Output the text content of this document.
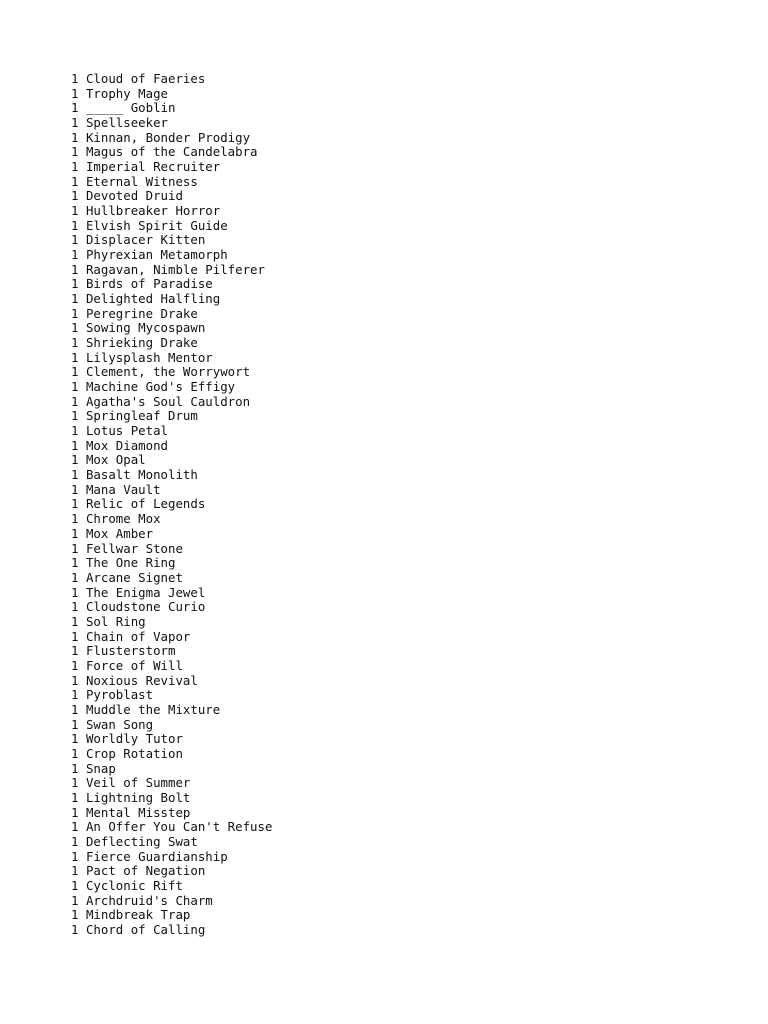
1 Cloud of Faeries
1 Trophy Mage
1 _____ Goblin
1 Spellseeker
1 Kinnan, Bonder Prodigy
1 Magus of the Candelabra
1 Imperial Recruiter
1 Eternal Witness
1 Devoted Druid
1 Hullbreaker Horror
1 Elvish Spirit Guide
1 Displacer Kitten
1 Phyrexian Metamorph
1 Ragavan, Nimble Pilferer
1 Birds of Paradise
1 Delighted Halfling
1 Peregrine Drake
1 Sowing Mycospawn
1 Shrieking Drake
1 Lilysplash Mentor
1 Clement, the Worrywort
1 Machine God's Effigy
1 Agatha's Soul Cauldron
1 Springleaf Drum
1 Lotus Petal
1 Mox Diamond
1 Mox Opal
1 Basalt Monolith
1 Mana Vault
1 Relic of Legends
1 Chrome Mox
1 Mox Amber
1 Fellwar Stone
1 The One Ring
1 Arcane Signet
1 The Enigma Jewel
1 Cloudstone Curio
1 Sol Ring
1 Chain of Vapor
1 Flusterstorm
1 Force of Will
1 Noxious Revival
1 Pyroblast
1 Muddle the Mixture
1 Swan Song
1 Worldly Tutor
1 Crop Rotation
1 Snap
1 Veil of Summer
1 Lightning Bolt
1 Mental Misstep
1 An Offer You Can't Refuse
1 Deflecting Swat
1 Fierce Guardianship
1 Pact of Negation
1 Cyclonic Rift
1 Archdruid's Charm
1 Mindbreak Trap
1 Chord of Calling
